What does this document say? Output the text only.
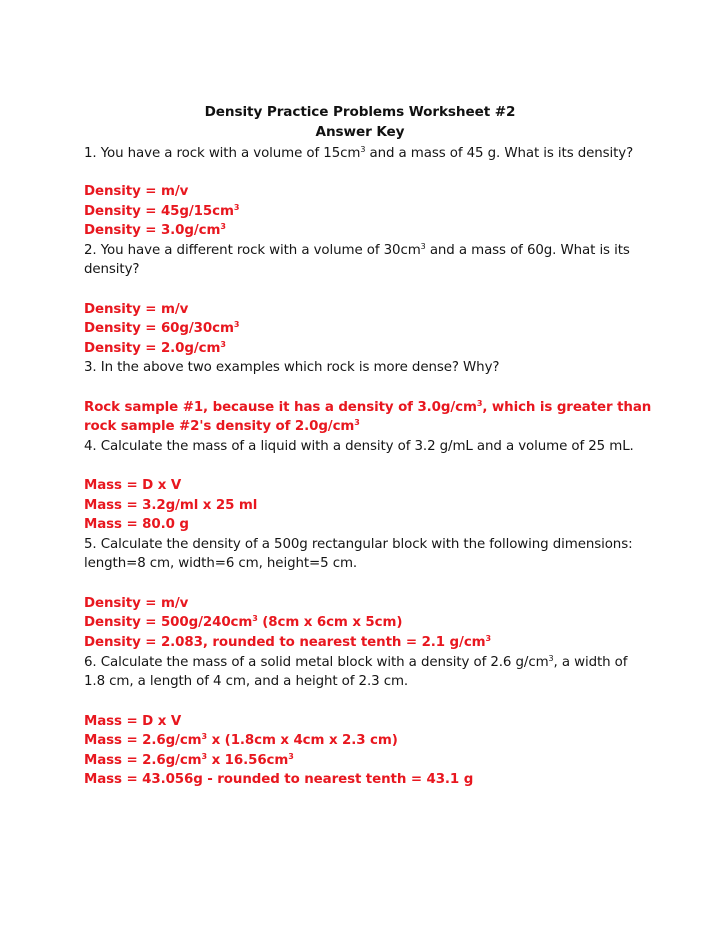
Density Practice Problems Worksheet #2
Answer Key
1. You have a rock with a volume of $15cm^3$ and a mass of 45 g. What is its density?
Density = m/v
Density = $45g/15cm^3$
Density = $3.0g/cm^3$
2. You have a different rock with a volume of $30cm^3$ and a mass of 60g. What is its
density?
Density = m/v
Density = $60g/30cm^3$
Density = $2.0g/cm^3$
3. In the above two examples which rock is more dense? Why?
Rock sample #1, because it has a density of $3.0g/cm^3$, which is greater than
rock sample #2's density of $2.0g/cm^3$
4. Calculate the mass of a liquid with a density of 3.2 g/mL and a volume of 25 mL.
Mass = D x V
Mass = 3.2g/ml x 25 ml
Mass = 80.0 g
5. Calculate the density of a 500g rectangular block with the following dimensions:
length=8 cm, width=6 cm, height=5 cm.
Density = m/v
Density = $500g/240cm^3$ (8cm x 6cm x 5cm)
Density = 2.083, rounded to nearest tenth = 2.1 $g/cm^3$
6. Calculate the mass of a solid metal block with a density of 2.6 $g/cm^3$, a width of
1.8 cm, a length of 4 cm, and a height of 2.3 cm.
Mass = D x V
Mass = $2.6g/cm^3$ x (1.8cm x 4cm x 2.3 cm)
Mass = $2.6g/cm^3$ x $16.56cm^3$
Mass = 43.056g - rounded to nearest tenth = 43.1 g
